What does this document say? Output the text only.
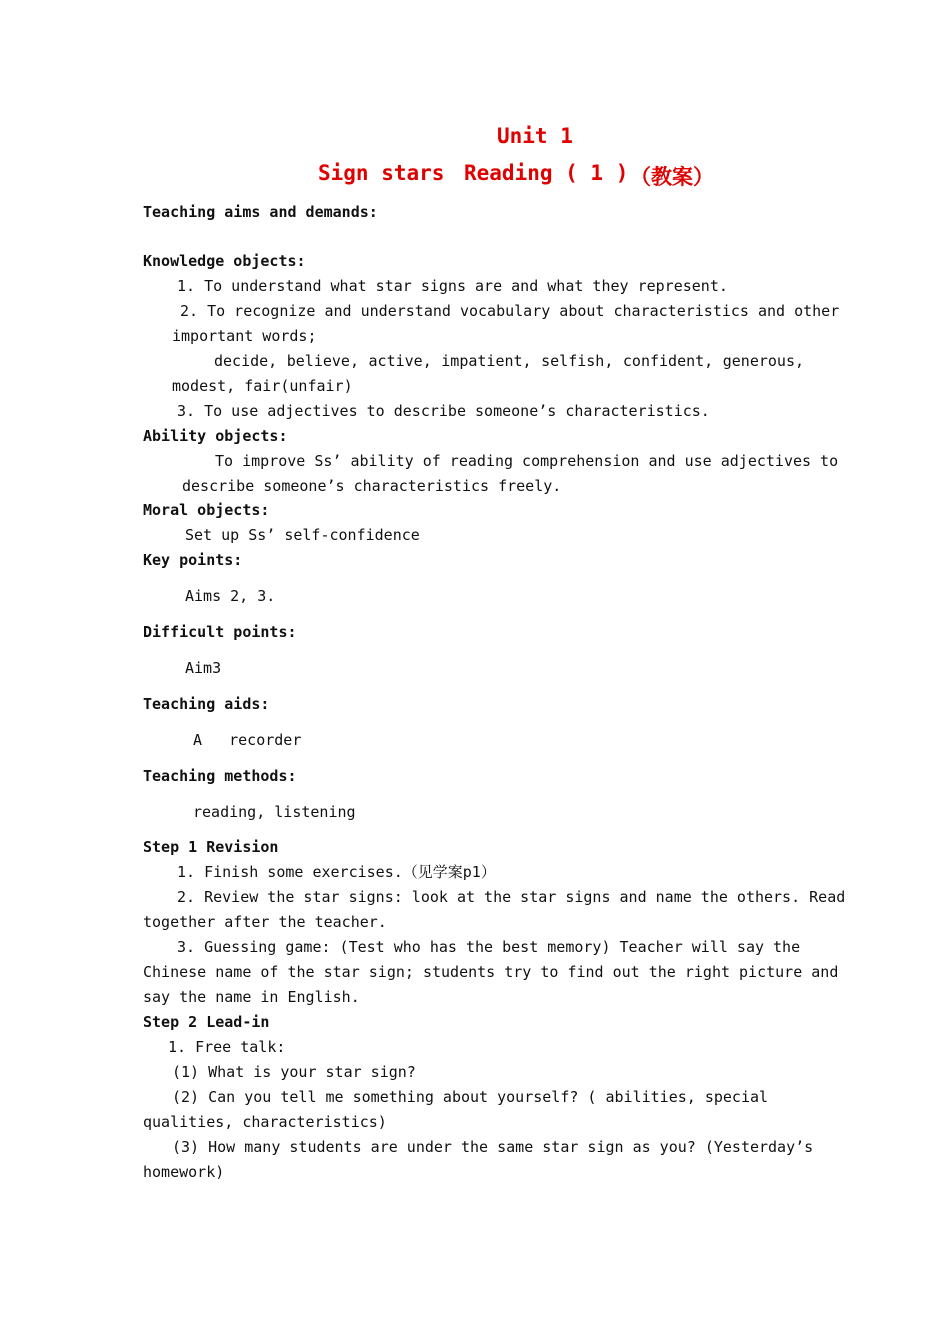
Unit 1
Sign stars Reading ( 1 ) （教案）
Teaching aims and demands:
Knowledge objects:
1. To understand what star signs are and what they represent.
2. To recognize and understand vocabulary about characteristics and other
important words;
decide, believe, active, impatient, selfish, confident, generous,
modest, fair(unfair)
3. To use adjectives to describe someone’s characteristics.
Ability objects:
To improve Ss’ ability of reading comprehension and use adjectives to
describe someone’s characteristics freely.
Moral objects:
Set up Ss’ self-confidence
Key points:
Aims 2, 3.
Difficult points:
Aim3
Teaching aids:
A   recorder
Teaching methods:
reading, listening
Step 1 Revision
1. Finish some exercises.（见学案p1）
2. Review the star signs: look at the star signs and name the others. Read
together after the teacher.
3. Guessing game: (Test who has the best memory) Teacher will say the
Chinese name of the star sign; students try to find out the right picture and
say the name in English.
Step 2 Lead-in
1. Free talk:
(1) What is your star sign?
(2) Can you tell me something about yourself? ( abilities, special
qualities, characteristics)
(3) How many students are under the same star sign as you? (Yesterday’s
homework)
